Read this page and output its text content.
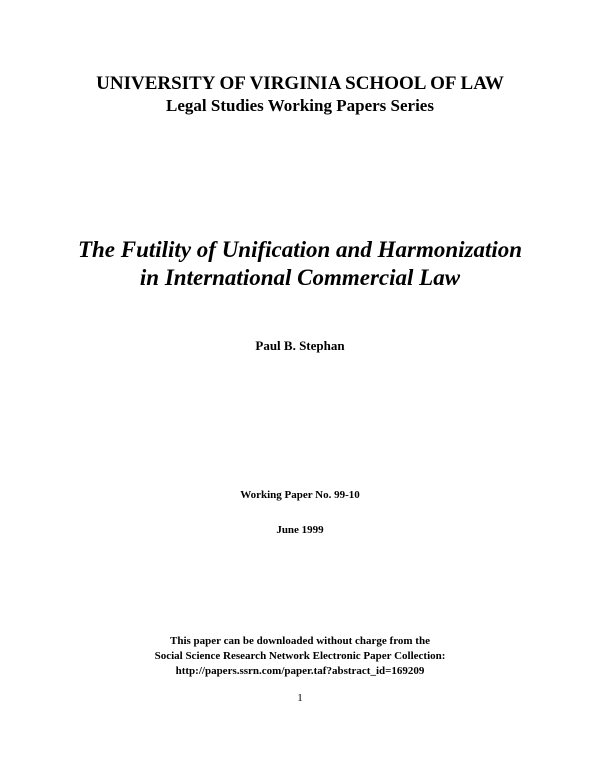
UNIVERSITY OF VIRGINIA SCHOOL OF LAW
Legal Studies Working Papers Series
The Futility of Unification and Harmonization
in International Commercial Law
Paul B. Stephan
Working Paper No. 99-10
June 1999
This paper can be downloaded without charge from the
Social Science Research Network Electronic Paper Collection:
http://papers.ssrn.com/paper.taf?abstract_id=169209
1
